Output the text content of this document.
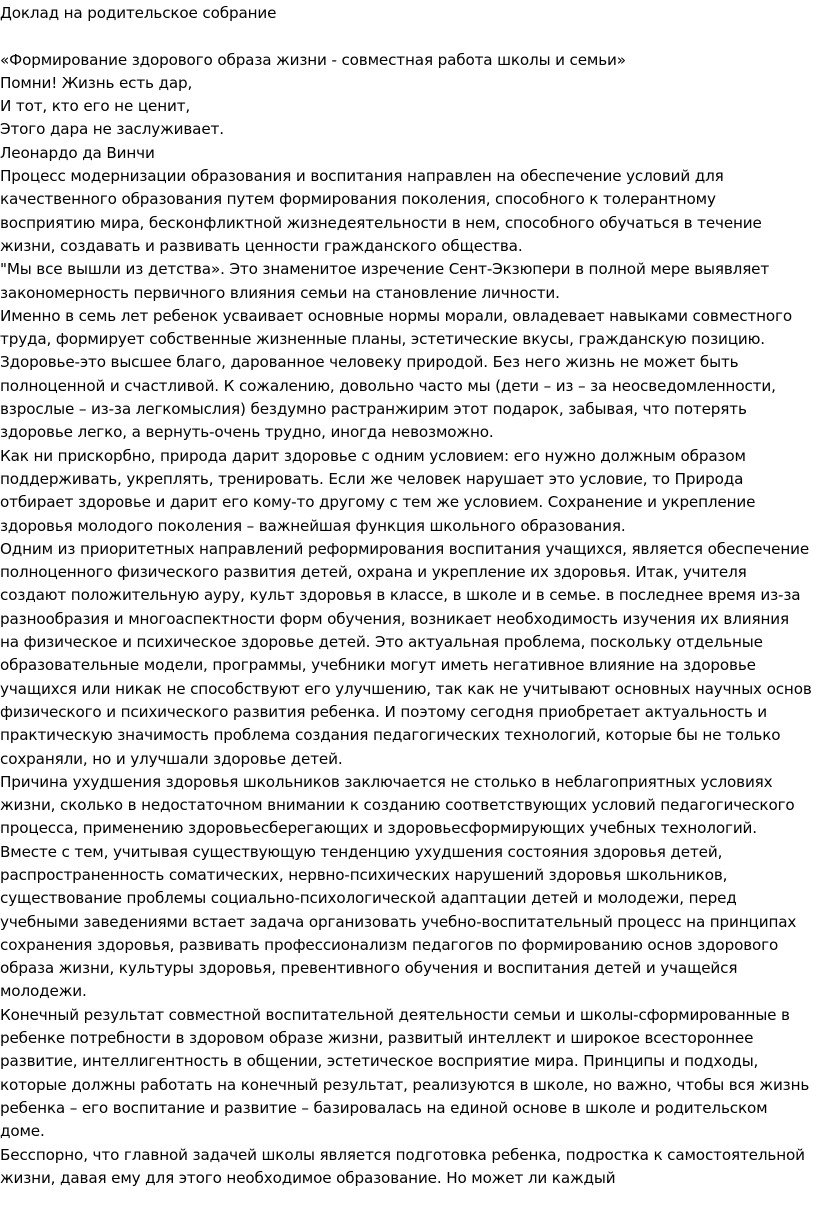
Доклад на родительское собрание

«Формирование здорового образа жизни - совместная работа школы и семьи»

Помни! Жизнь есть дар,

И тот, кто его не ценит,

Этого дара не заслуживает.

Леонардо да Винчи

Процесс модернизации образования и воспитания направлен на обеспечение условий для качественного образования путем формирования поколения, способного к толерантному восприятию мира, бесконфликтной жизнедеятельности в нем, способного обучаться в течение жизни, создавать и развивать ценности гражданского общества.

"Мы все вышли из детства». Это знаменитое изречение Сент-Экзюпери в полной мере выявляет закономерность первичного влияния семьи на становление личности.

Именно в семь лет ребенок усваивает основные нормы морали, овладевает навыками совместного труда, формирует собственные жизненные планы, эстетические вкусы, гражданскую позицию.

Здоровье-это высшее благо, дарованное человеку природой. Без него жизнь не может быть полноценной и счастливой. К сожалению, довольно часто мы (дети – из – за неосведомленности, взрослые – из-за легкомыслия) бездумно растранжирим этот подарок, забывая, что потерять здоровье легко, а вернуть-очень трудно, иногда невозможно.

Как ни прискорбно, природа дарит здоровье с одним условием: его нужно должным образом поддерживать, укреплять, тренировать. Если же человек нарушает это условие, то Природа отбирает здоровье и дарит его кому-то другому с тем же условием. Сохранение и укрепление здоровья молодого поколения – важнейшая функция школьного образования.

Одним из приоритетных направлений реформирования воспитания учащихся, является обеспечение полноценного физического развития детей, охрана и укрепление их здоровья. Итак, учителя создают положительную ауру, культ здоровья в классе, в школе и в семье. в последнее время из-за разнообразия и многоаспектности форм обучения, возникает необходимость изучения их влияния на физическое и психическое здоровье детей. Это актуальная проблема, поскольку отдельные образовательные модели, программы, учебники могут иметь негативное влияние на здоровье учащихся или никак не способствуют его улучшению, так как не учитывают основных научных основ физического и психического развития ребенка. И поэтому сегодня приобретает актуальность и практическую значимость проблема создания педагогических технологий, которые бы не только сохраняли, но и улучшали здоровье детей.

Причина ухудшения здоровья школьников заключается не столько в неблагоприятных условиях жизни, сколько в недостаточном внимании к созданию соответствующих условий педагогического процесса, применению здоровьесберегающих и здоровьесформирующих учебных технологий. Вместе с тем, учитывая существующую тенденцию ухудшения состояния здоровья детей, распространенность соматических, нервно-психических нарушений здоровья школьников, существование проблемы социально-психологической адаптации детей и молодежи, перед учебными заведениями встает задача организовать учебно-воспитательный процесс на принципах сохранения здоровья, развивать профессионализм педагогов по формированию основ здорового образа жизни, культуры здоровья, превентивного обучения и воспитания детей и учащейся молодежи.

Конечный результат совместной воспитательной деятельности семьи и школы-сформированные в ребенке потребности в здоровом образе жизни, развитый интеллект и широкое всестороннее развитие, интеллигентность в общении, эстетическое восприятие мира. Принципы и подходы, которые должны работать на конечный результат, реализуются в школе, но важно, чтобы вся жизнь ребенка – его воспитание и развитие – базировалась на единой основе в школе и родительском доме.

Бесспорно, что главной задачей школы является подготовка ребенка, подростка к самостоятельной жизни, давая ему для этого необходимое образование. Но может ли каждый
